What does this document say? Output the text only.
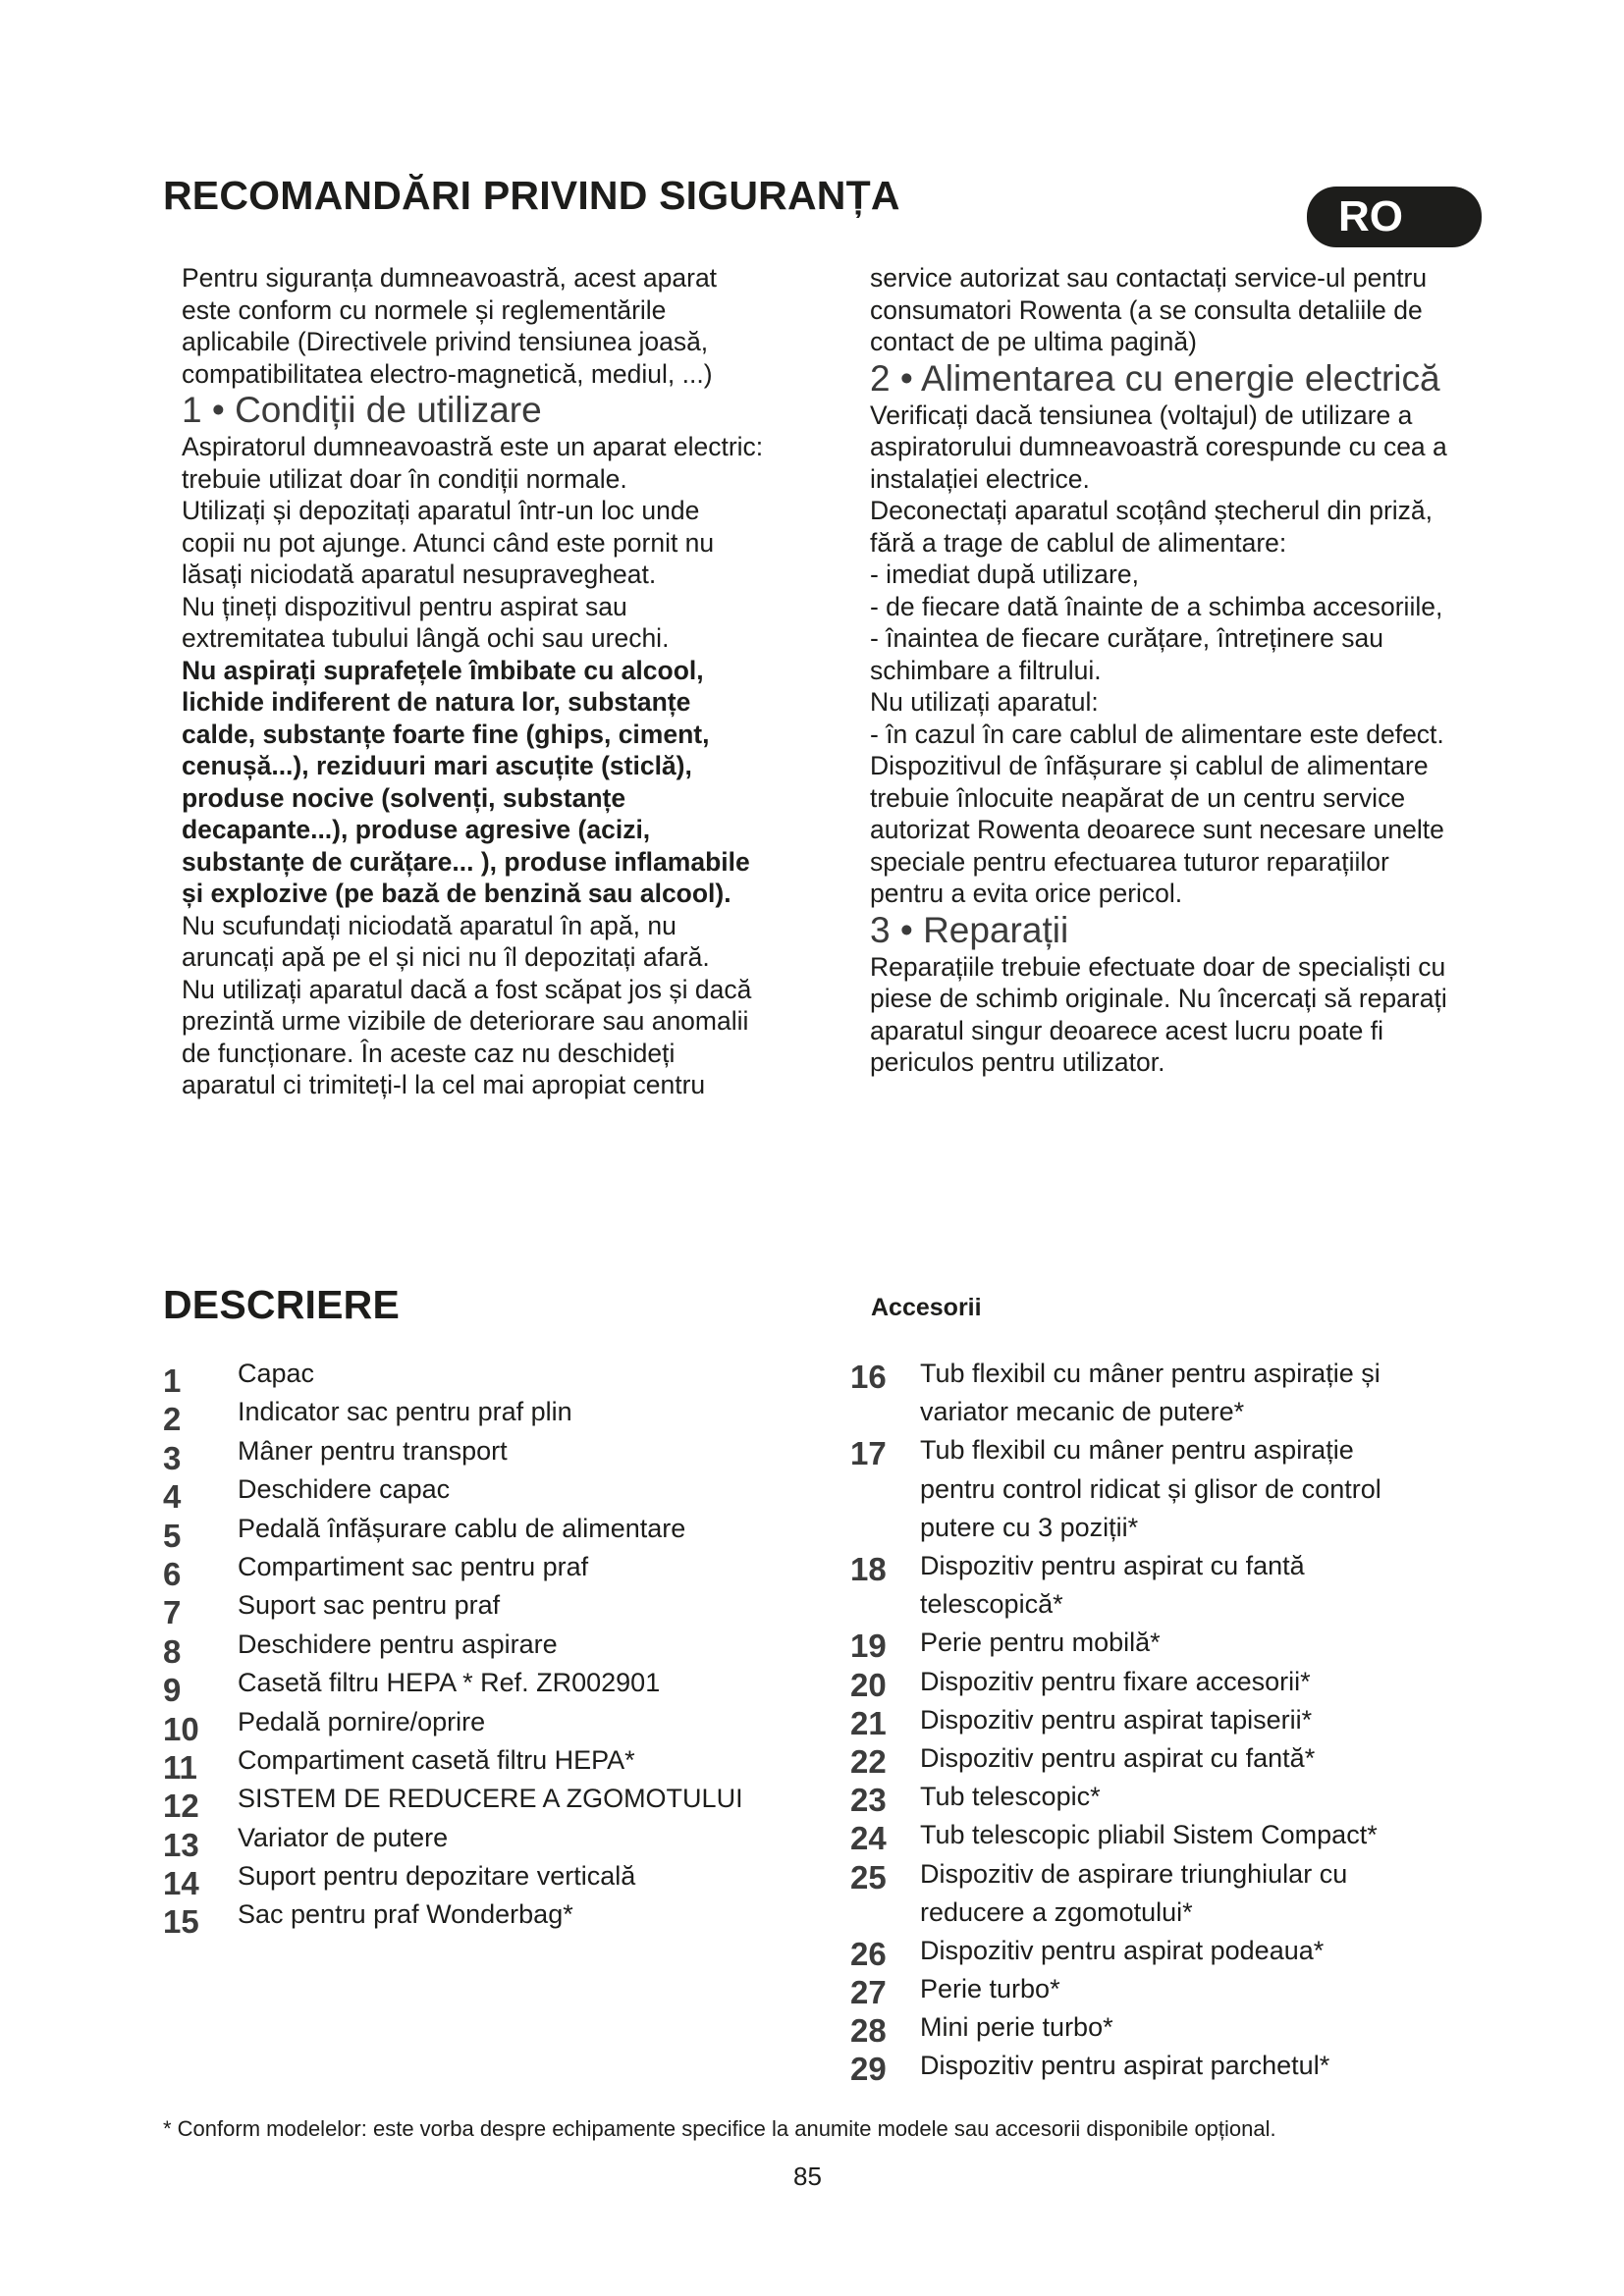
RECOMANDĂRI PRIVIND SIGURANȚA	RO

Pentru siguranța dumneavoastră, acest aparat

este conform cu normele și reglementările

aplicabile (Directivele privind tensiunea joasă,

compatibilitatea electro-magnetică, mediul, ...)

1 • Condiții de utilizare

Aspiratorul dumneavoastră este un aparat electric:

trebuie utilizat doar în condiții normale.

Utilizați și depozitați aparatul într-un loc unde

copii nu pot ajunge. Atunci când este pornit nu

lăsați niciodată aparatul nesupravegheat.

Nu țineți dispozitivul pentru aspirat sau

extremitatea tubului lângă ochi sau urechi.

Nu aspirați suprafețele îmbibate cu alcool,

lichide indiferent de natura lor, substanțe

calde, substanțe foarte fine (ghips, ciment,

cenușă...), reziduuri mari ascuțite (sticlă),

produse nocive (solvenți, substanțe

decapante...), produse agresive (acizi,

substanțe de curățare... ), produse inflamabile

și explozive (pe bază de benzină sau alcool).

Nu scufundați niciodată aparatul în apă, nu

aruncați apă pe el și nici nu îl depozitați afară.

Nu utilizați aparatul dacă a fost scăpat jos și dacă

prezintă urme vizibile de deteriorare sau anomalii

de funcționare. În aceste caz nu deschideți

aparatul ci trimiteți-l la cel mai apropiat centru

service autorizat sau contactați service-ul pentru

consumatori Rowenta (a se consulta detaliile de

contact de pe ultima pagină)

2 • Alimentarea cu energie electrică

Verificați dacă tensiunea (voltajul) de utilizare a

aspiratorului dumneavoastră corespunde cu cea a

instalației electrice.

Deconectați aparatul scoțând ștecherul din priză,

fără a trage de cablul de alimentare:

- imediat după utilizare,

- de fiecare dată înainte de a schimba accesoriile,

- înaintea de fiecare curățare, întreținere sau

schimbare a filtrului.

Nu utilizați aparatul:

- în cazul în care cablul de alimentare este defect.

Dispozitivul de înfășurare și cablul de alimentare

trebuie înlocuite neapărat de un centru service

autorizat Rowenta deoarece sunt necesare unelte

speciale pentru efectuarea tuturor reparațiilor

pentru a evita orice pericol.

3 • Reparații

Reparațiile trebuie efectuate doar de specialiști cu

piese de schimb originale. Nu încercați să reparați

aparatul singur deoarece acest lucru poate fi

periculos pentru utilizator.

DESCRIERE	Accesorii
1 Capac
2 Indicator sac pentru praf plin
3 Mâner pentru transport
4 Deschidere capac
5 Pedală înfășurare cablu de alimentare
6 Compartiment sac pentru praf
7 Suport sac pentru praf
8 Deschidere pentru aspirare
9 Casetă filtru HEPA * Ref. ZR002901
10 Pedală pornire/oprire
11 Compartiment casetă filtru HEPA*
12 SISTEM DE REDUCERE A ZGOMOTULUI
13 Variator de putere
14 Suport pentru depozitare verticală
15 Sac pentru praf Wonderbag*
16 Tub flexibil cu mâner pentru aspirație și
variator mecanic de putere*
17 Tub flexibil cu mâner pentru aspirație
pentru control ridicat și glisor de control
putere cu 3 poziții*
18 Dispozitiv pentru aspirat cu fantă
telescopică*
19 Perie pentru mobilă*
20 Dispozitiv pentru fixare accesorii*
21 Dispozitiv pentru aspirat tapiserii*
22 Dispozitiv pentru aspirat cu fantă*
23 Tub telescopic*
24 Tub telescopic pliabil Sistem Compact*
25 Dispozitiv de aspirare triunghiular cu
reducere a zgomotului*
26 Dispozitiv pentru aspirat podeaua*
27 Perie turbo*
28 Mini perie turbo*
29 Dispozitiv pentru aspirat parchetul*
* Conform modelelor: este vorba despre echipamente specifice la anumite modele sau accesorii disponibile opțional.
85
